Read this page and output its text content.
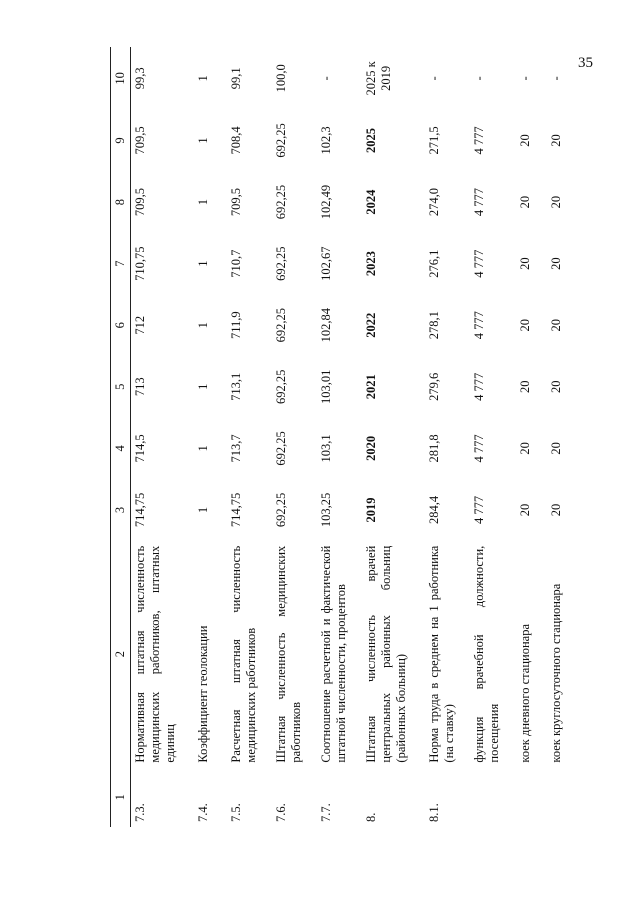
35
1	2	3	4	5	6	7	8	9	10
7.3.	Нормативная штатная численность медицинских работников, штатных единиц	714,75	714,5	713	712	710,75	709,5	709,5	99,3
7.4.	Коэффициент геолокации	1	1	1	1	1	1	1	1
7.5.	Расчетная штатная численность медицинских работников	714,75	713,7	713,1	711,9	710,7	709,5	708,4	99,1
7.6.	Штатная численность медицинских работников	692,25	692,25	692,25	692,25	692,25	692,25	692,25	100,0
7.7.	Соотношение расчетной и фактической штатной численности, процентов	103,25	103,1	103,01	102,84	102,67	102,49	102,3	-
8.	Штатная численность врачей центральных районных больниц (районных больниц)	2019	2020	2021	2022	2023	2024	2025	2025 к 2019
8.1.	Норма труда в среднем на 1 работника (на ставку)	284,4	281,8	279,6	278,1	276,1	274,0	271,5	-
	функция врачебной должности, посещения	4 777	4 777	4 777	4 777	4 777	4 777	4 777	-
	коек дневного стационара	20	20	20	20	20	20	20	-
	коек круглосуточного стационара	20	20	20	20	20	20	20	-
